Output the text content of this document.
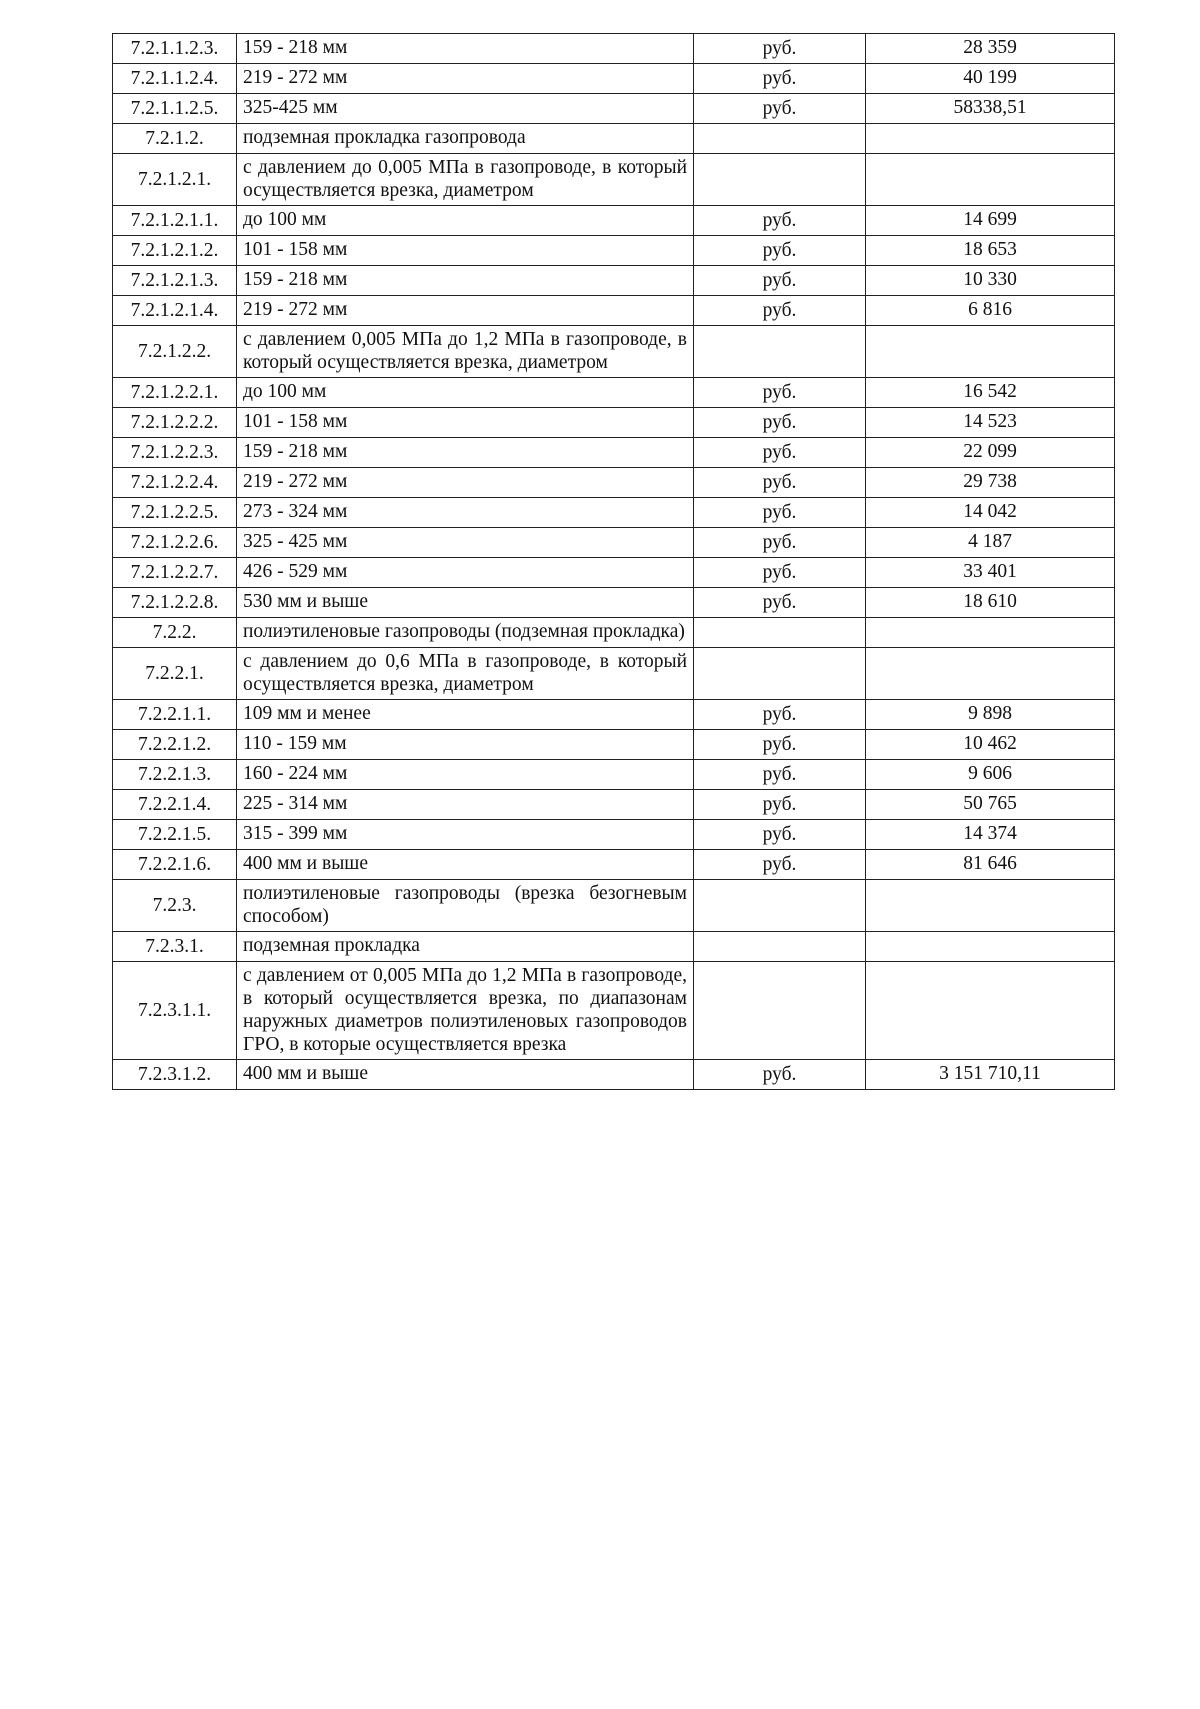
7.2.1.1.2.3.	159 - 218 мм	руб.	28 359
7.2.1.1.2.4.	219 - 272 мм	руб.	40 199
7.2.1.1.2.5.	325-425 мм	руб.	58338,51
7.2.1.2.	подземная прокладка газопровода		
7.2.1.2.1.	с давлением до 0,005 МПа в газопроводе, в который осуществляется врезка, диаметром		
7.2.1.2.1.1.	до 100 мм	руб.	14 699
7.2.1.2.1.2.	101 - 158 мм	руб.	18 653
7.2.1.2.1.3.	159 - 218 мм	руб.	10 330
7.2.1.2.1.4.	219 - 272 мм	руб.	6 816
7.2.1.2.2.	с давлением 0,005 МПа до 1,2 МПа в газопроводе, в который осуществляется врезка, диаметром		
7.2.1.2.2.1.	до 100 мм	руб.	16 542
7.2.1.2.2.2.	101 - 158 мм	руб.	14 523
7.2.1.2.2.3.	159 - 218 мм	руб.	22 099
7.2.1.2.2.4.	219 - 272 мм	руб.	29 738
7.2.1.2.2.5.	273 - 324 мм	руб.	14 042
7.2.1.2.2.6.	325 - 425 мм	руб.	4 187
7.2.1.2.2.7.	426 - 529 мм	руб.	33 401
7.2.1.2.2.8.	530 мм и выше	руб.	18 610
7.2.2.	полиэтиленовые газопроводы (подземная прокладка)		
7.2.2.1.	с давлением до 0,6 МПа в газопроводе, в который осуществляется врезка, диаметром		
7.2.2.1.1.	109 мм и менее	руб.	9 898
7.2.2.1.2.	110 - 159 мм	руб.	10 462
7.2.2.1.3.	160 - 224 мм	руб.	9 606
7.2.2.1.4.	225 - 314 мм	руб.	50 765
7.2.2.1.5.	315 - 399 мм	руб.	14 374
7.2.2.1.6.	400 мм и выше	руб.	81 646
7.2.3.	полиэтиленовые газопроводы (врезка безогневым способом)		
7.2.3.1.	подземная прокладка		
7.2.3.1.1.	с давлением от 0,005 МПа до 1,2 МПа в газопроводе, в который осуществляется врезка, по диапазонам наружных диаметров полиэтиленовых газопроводов ГРО, в которые осуществляется врезка		
7.2.3.1.2.	400 мм и выше	руб.	3 151 710,11
